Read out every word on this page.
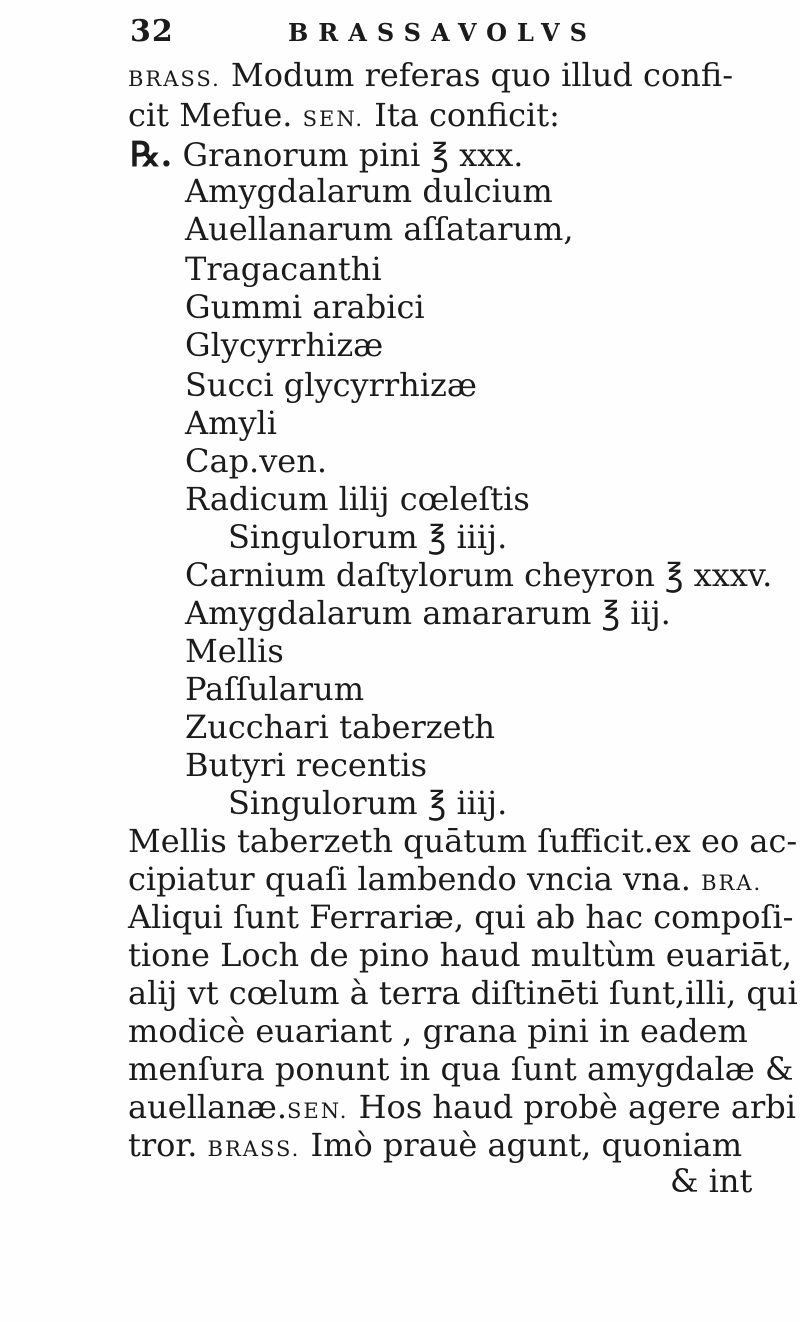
32	BRASSAVOLVS
BRASS. Modum referas quo illud confi-
cit Mefue. SEN. Ita conficit:
℞. Granorum pini ℥ xxx.
Amygdalarum dulcium
Auellanarum aſſatarum,
Tragacanthi
Gummi arabici
Glycyrrhizæ
Succi glycyrrhizæ
Amyli
Cap.ven.
Radicum lilij cœleſtis
Singulorum ℥ iiij.
Carnium daſtylorum cheyron ℥ xxxv.
Amygdalarum amararum ℥ iij.
Mellis
Paſſularum
Zucchari taberzeth
Butyri recentis
Singulorum ℥ iiij.
Mellis taberzeth quātum ſufficit.ex eo ac-
cipiatur quaſi lambendo vncia vna. BRA.
Aliqui ſunt Ferrariæ, qui ab hac compoſi-
tione Loch de pino haud multùm euariāt,
alij vt cœlum à terra diſtinēti ſunt,illi, qui
modicè euariant , grana pini in eadem
menſura ponunt in qua ſunt amygdalæ &
auellanæ.SEN. Hos haud probè agere arbi
tror. BRASS. Imò prauè agunt, quoniam
& int
